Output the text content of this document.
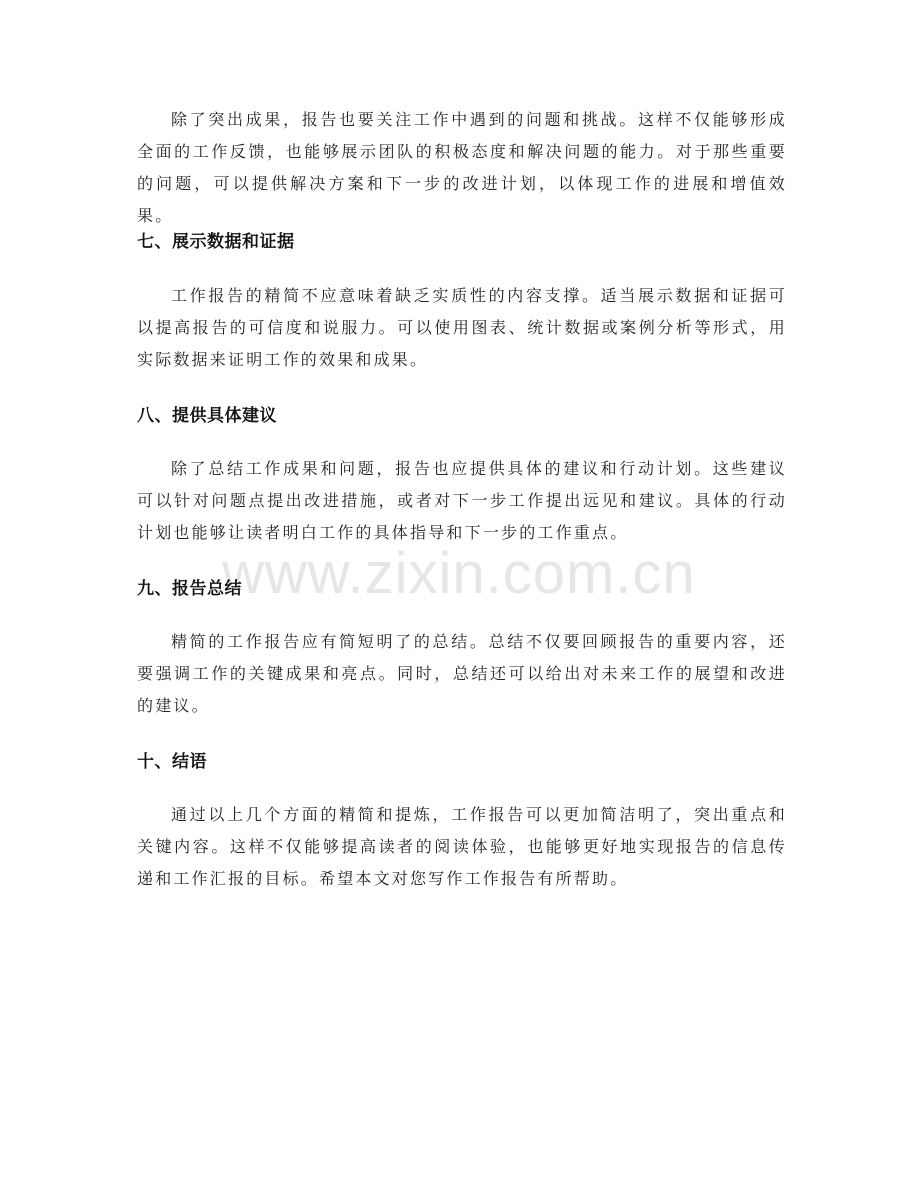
www.zixin.com.cn

除了突出成果，报告也要关注工作中遇到的问题和挑战。这样不仅能够形成全面的工作反馈，也能够展示团队的积极态度和解决问题的能力。对于那些重要的问题，可以提供解决方案和下一步的改进计划，以体现工作的进展和增值效果。

七、展示数据和证据

工作报告的精简不应意味着缺乏实质性的内容支撑。适当展示数据和证据可以提高报告的可信度和说服力。可以使用图表、统计数据或案例分析等形式，用实际数据来证明工作的效果和成果。

八、提供具体建议

除了总结工作成果和问题，报告也应提供具体的建议和行动计划。这些建议可以针对问题点提出改进措施，或者对下一步工作提出远见和建议。具体的行动计划也能够让读者明白工作的具体指导和下一步的工作重点。

九、报告总结

精简的工作报告应有简短明了的总结。总结不仅要回顾报告的重要内容，还要强调工作的关键成果和亮点。同时，总结还可以给出对未来工作的展望和改进的建议。

十、结语

通过以上几个方面的精简和提炼，工作报告可以更加简洁明了，突出重点和关键内容。这样不仅能够提高读者的阅读体验，也能够更好地实现报告的信息传递和工作汇报的目标。希望本文对您写作工作报告有所帮助。
